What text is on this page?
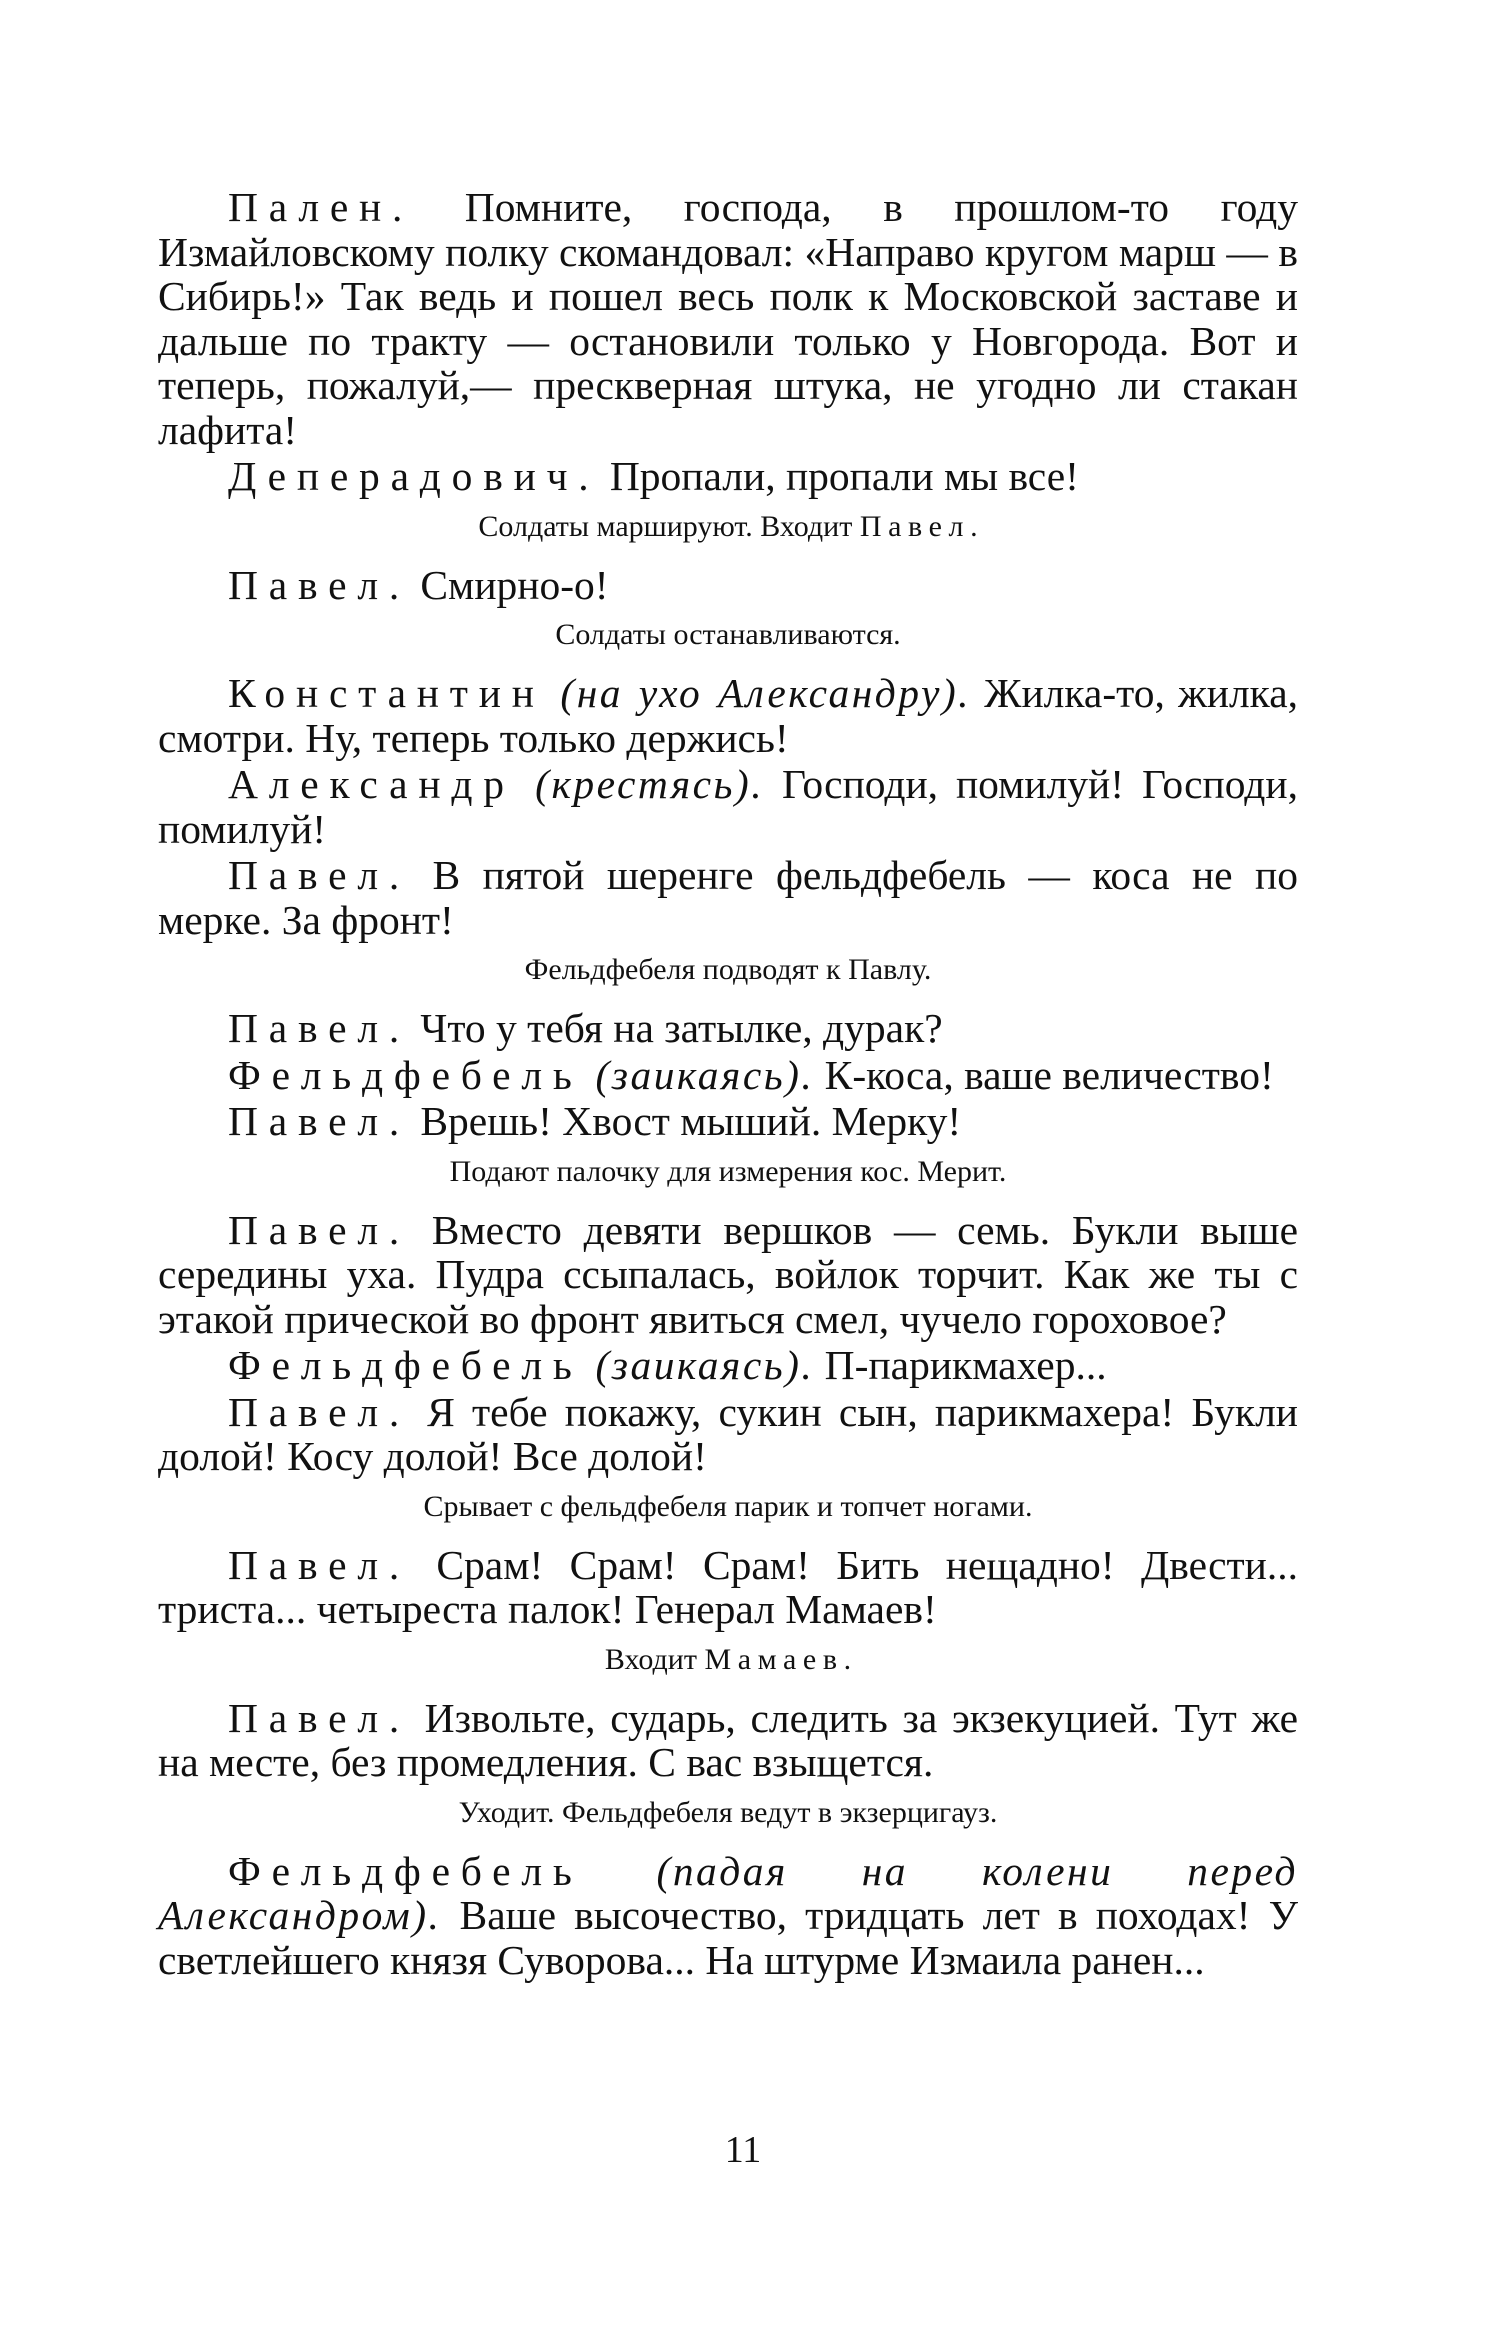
Пален. Помните, господа, в прошлом-то году Измайловскому полку скомандовал: «Направо кругом марш — в Сибирь!» Так ведь и пошел весь полк к Московской заставе и дальше по тракту — остановили только у Новгорода. Вот и теперь, пожалуй,— прескверная штука, не угодно ли стакан лафита!

Деперадович. Пропали, пропали мы все!

Солдаты маршируют. Входит Павел.

Павел. Смирно-о!

Солдаты останавливаются.

Константин (на ухо Александру). Жилка-то, жилка, смотри. Ну, теперь только держись!

Александр (крестясь). Господи, помилуй! Господи, помилуй!

Павел. В пятой шеренге фельдфебель — коса не по мерке. За фронт!

Фельдфебеля подводят к Павлу.

Павел. Что у тебя на затылке, дурак?

Фельдфебель (заикаясь). К-коса, ваше величество!

Павел. Врешь! Хвост мыший. Мерку!

Подают палочку для измерения кос. Мерит.

Павел. Вместо девяти вершков — семь. Букли выше середины уха. Пудра ссыпалась, войлок торчит. Как же ты с этакой прической во фронт явиться смел, чучело гороховое?

Фельдфебель (заикаясь). П-парикмахер...

Павел. Я тебе покажу, сукин сын, парикмахера! Букли долой! Косу долой! Все долой!

Срывает с фельдфебеля парик и топчет ногами.

Павел. Срам! Срам! Срам! Бить нещадно! Двести... триста... четыреста палок! Генерал Мамаев!

Входит Мамаев.

Павел. Извольте, сударь, следить за экзекуцией. Тут же на месте, без промедления. С вас взыщется.

Уходит. Фельдфебеля ведут в экзерцигауз.

Фельдфебель (падая на колени перед Александром). Ваше высочество, тридцать лет в походах! У светлейшего князя Суворова... На штурме Измаила ранен...

11
